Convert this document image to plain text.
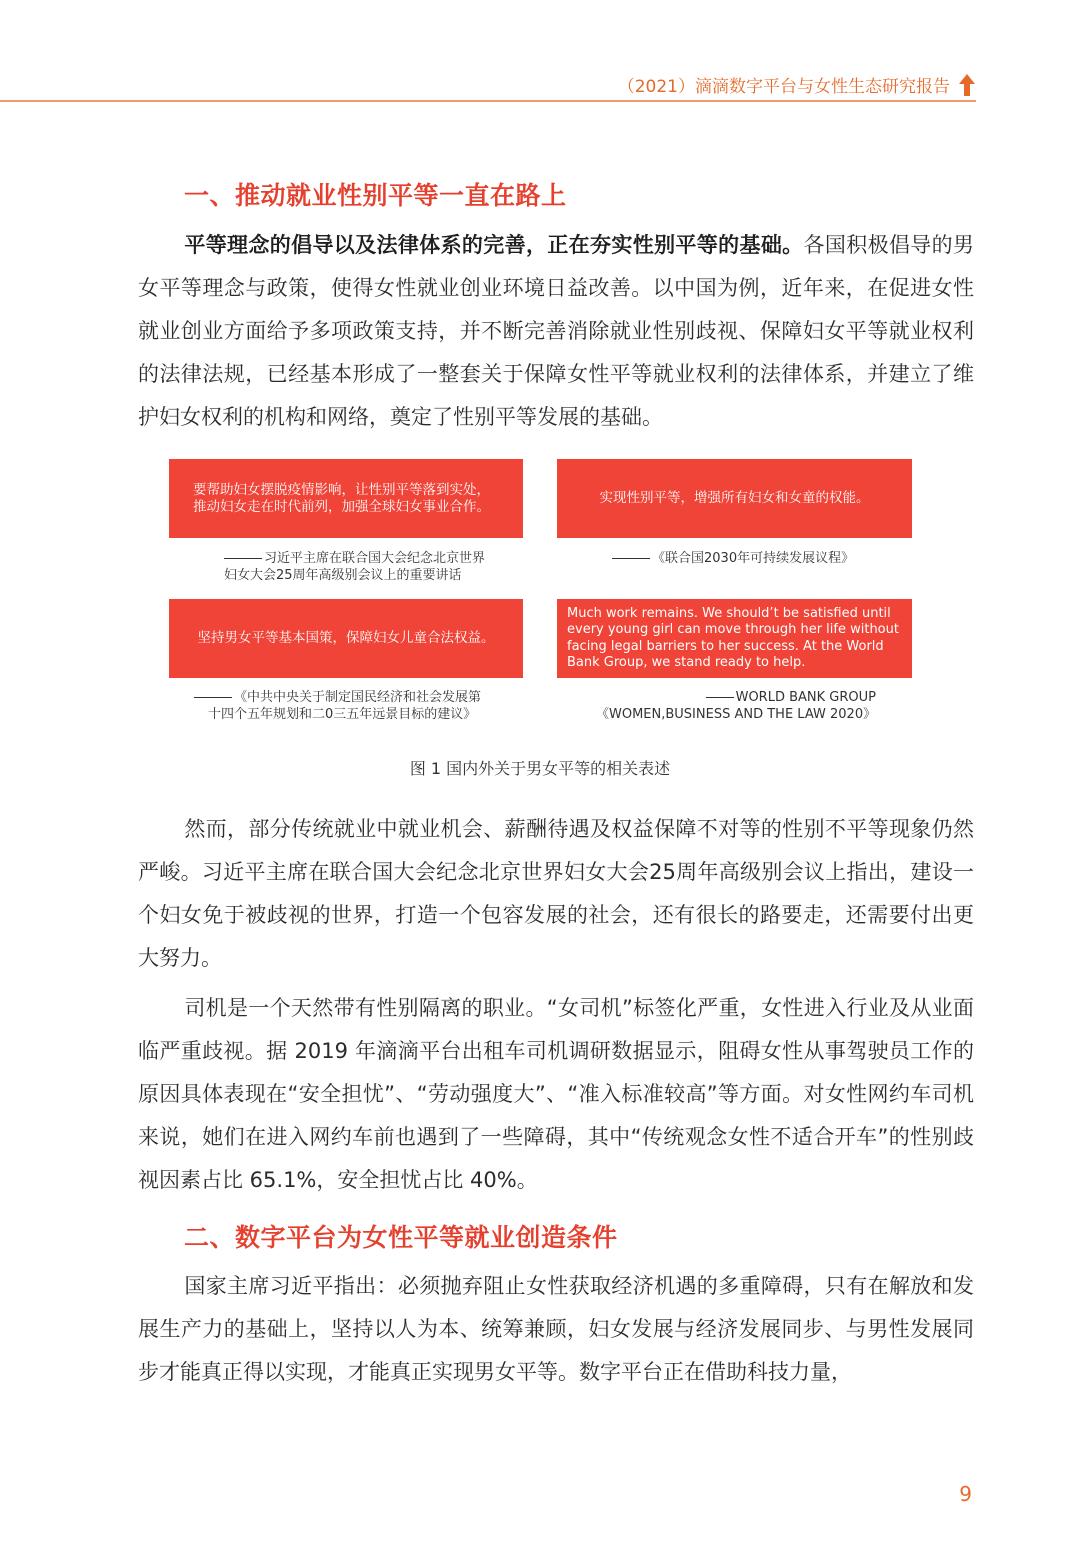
（2021）滴滴数字平台与女性生态研究报告
一、推动就业性别平等一直在路上
平等理念的倡导以及法律体系的完善，正在夯实性别平等的基础。各国积极倡导的男女平等理念与政策，使得女性就业创业环境日益改善。以中国为例，近年来，在促进女性就业创业方面给予多项政策支持，并不断完善消除就业性别歧视、保障妇女平等就业权利的法律法规，已经基本形成了一整套关于保障女性平等就业权利的法律体系，并建立了维护妇女权利的机构和网络，奠定了性别平等发展的基础。
要帮助妇女摆脱疫情影响，让性别平等落到实处，推动妇女走在时代前列，加强全球妇女事业合作。
习近平主席在联合国大会纪念北京世界
妇女大会25周年高级别会议上的重要讲话
实现性别平等，增强所有妇女和女童的权能。
《联合国2030年可持续发展议程》
坚持男女平等基本国策，保障妇女儿童合法权益。
《中共中央关于制定国民经济和社会发展第
十四个五年规划和二0三五年远景目标的建议》
Much work remains. We should’t be satisfied until every young girl can move through her life without facing legal barriers to her success. At the World Bank Group, we stand ready to help.
WORLD BANK GROUP
《WOMEN,BUSINESS AND THE LAW 2020》
图 1 国内外关于男女平等的相关表述
然而，部分传统就业中就业机会、薪酬待遇及权益保障不对等的性别不平等现象仍然严峻。习近平主席在联合国大会纪念北京世界妇女大会25周年高级别会议上指出，建设一个妇女免于被歧视的世界，打造一个包容发展的社会，还有很长的路要走，还需要付出更大努力。
司机是一个天然带有性别隔离的职业。“女司机”标签化严重，女性进入行业及从业面临严重歧视。据 2019 年滴滴平台出租车司机调研数据显示，阻碍女性从事驾驶员工作的原因具体表现在“安全担忧”、“劳动强度大”、“准入标准较高”等方面。对女性网约车司机来说，她们在进入网约车前也遇到了一些障碍，其中“传统观念女性不适合开车”的性别歧视因素占比 65.1%，安全担忧占比 40%。
二、数字平台为女性平等就业创造条件
国家主席习近平指出：必须抛弃阻止女性获取经济机遇的多重障碍，只有在解放和发展生产力的基础上，坚持以人为本、统筹兼顾，妇女发展与经济发展同步、与男性发展同步才能真正得以实现，才能真正实现男女平等。数字平台正在借助科技力量，
9
